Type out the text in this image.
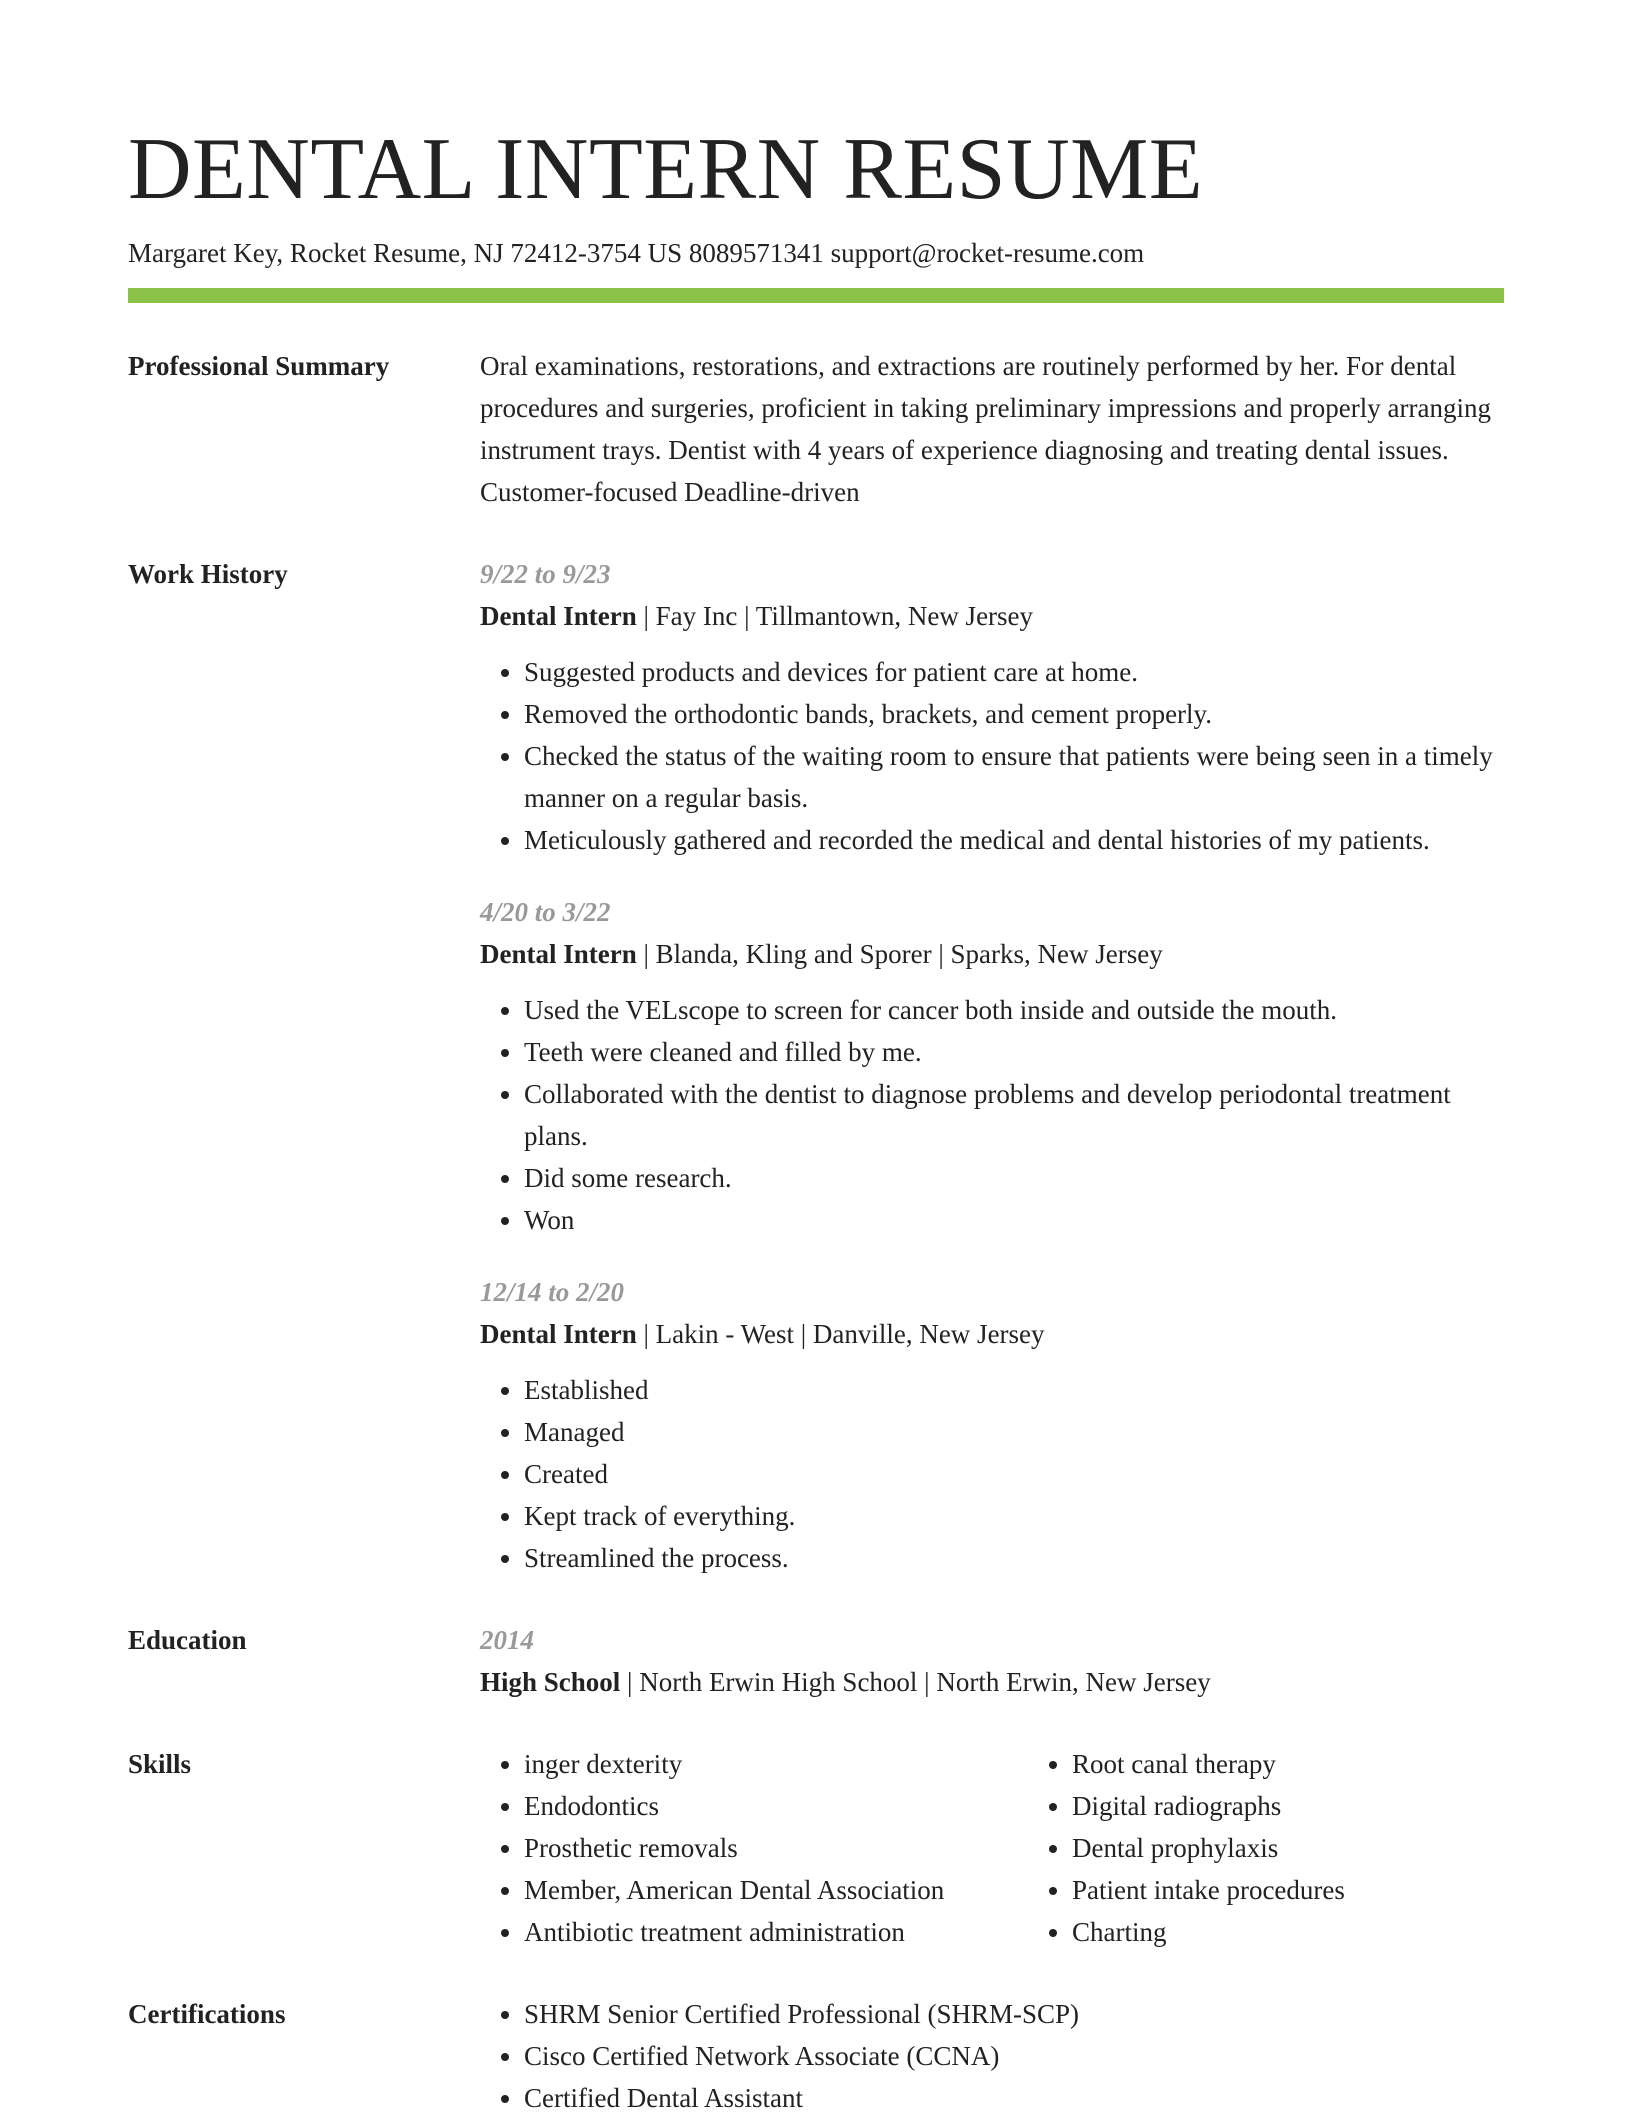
DENTAL INTERN RESUME
Margaret Key, Rocket Resume, NJ 72412-3754 US 8089571341 support@rocket-resume.com
Professional Summary	Oral examinations, restorations, and extractions are routinely performed by her. For dental procedures and surgeries, proficient in taking preliminary impressions and properly arranging instrument trays. Dentist with 4 years of experience diagnosing and treating dental issues. Customer-focused Deadline-driven

Work History	9/22 to 9/23
Dental Intern | Fay Inc | Tillmantown, New Jersey
• Suggested products and devices for patient care at home.
• Removed the orthodontic bands, brackets, and cement properly.
• Checked the status of the waiting room to ensure that patients were being seen in a timely manner on a regular basis.
• Meticulously gathered and recorded the medical and dental histories of my patients.
4/20 to 3/22
Dental Intern | Blanda, Kling and Sporer | Sparks, New Jersey
• Used the VELscope to screen for cancer both inside and outside the mouth.
• Teeth were cleaned and filled by me.
• Collaborated with the dentist to diagnose problems and develop periodontal treatment plans.
• Did some research.
• Won
12/14 to 2/20
Dental Intern | Lakin - West | Danville, New Jersey
• Established
• Managed
• Created
• Kept track of everything.
• Streamlined the process.
Education	2014
High School | North Erwin High School | North Erwin, New Jersey
Skills	• inger dexterity
• Endodontics
• Prosthetic removals
• Member, American Dental Association
• Antibiotic treatment administration
• Root canal therapy
• Digital radiographs
• Dental prophylaxis
• Patient intake procedures
• Charting
Certifications	• SHRM Senior Certified Professional (SHRM-SCP)
• Cisco Certified Network Associate (CCNA)
• Certified Dental Assistant
